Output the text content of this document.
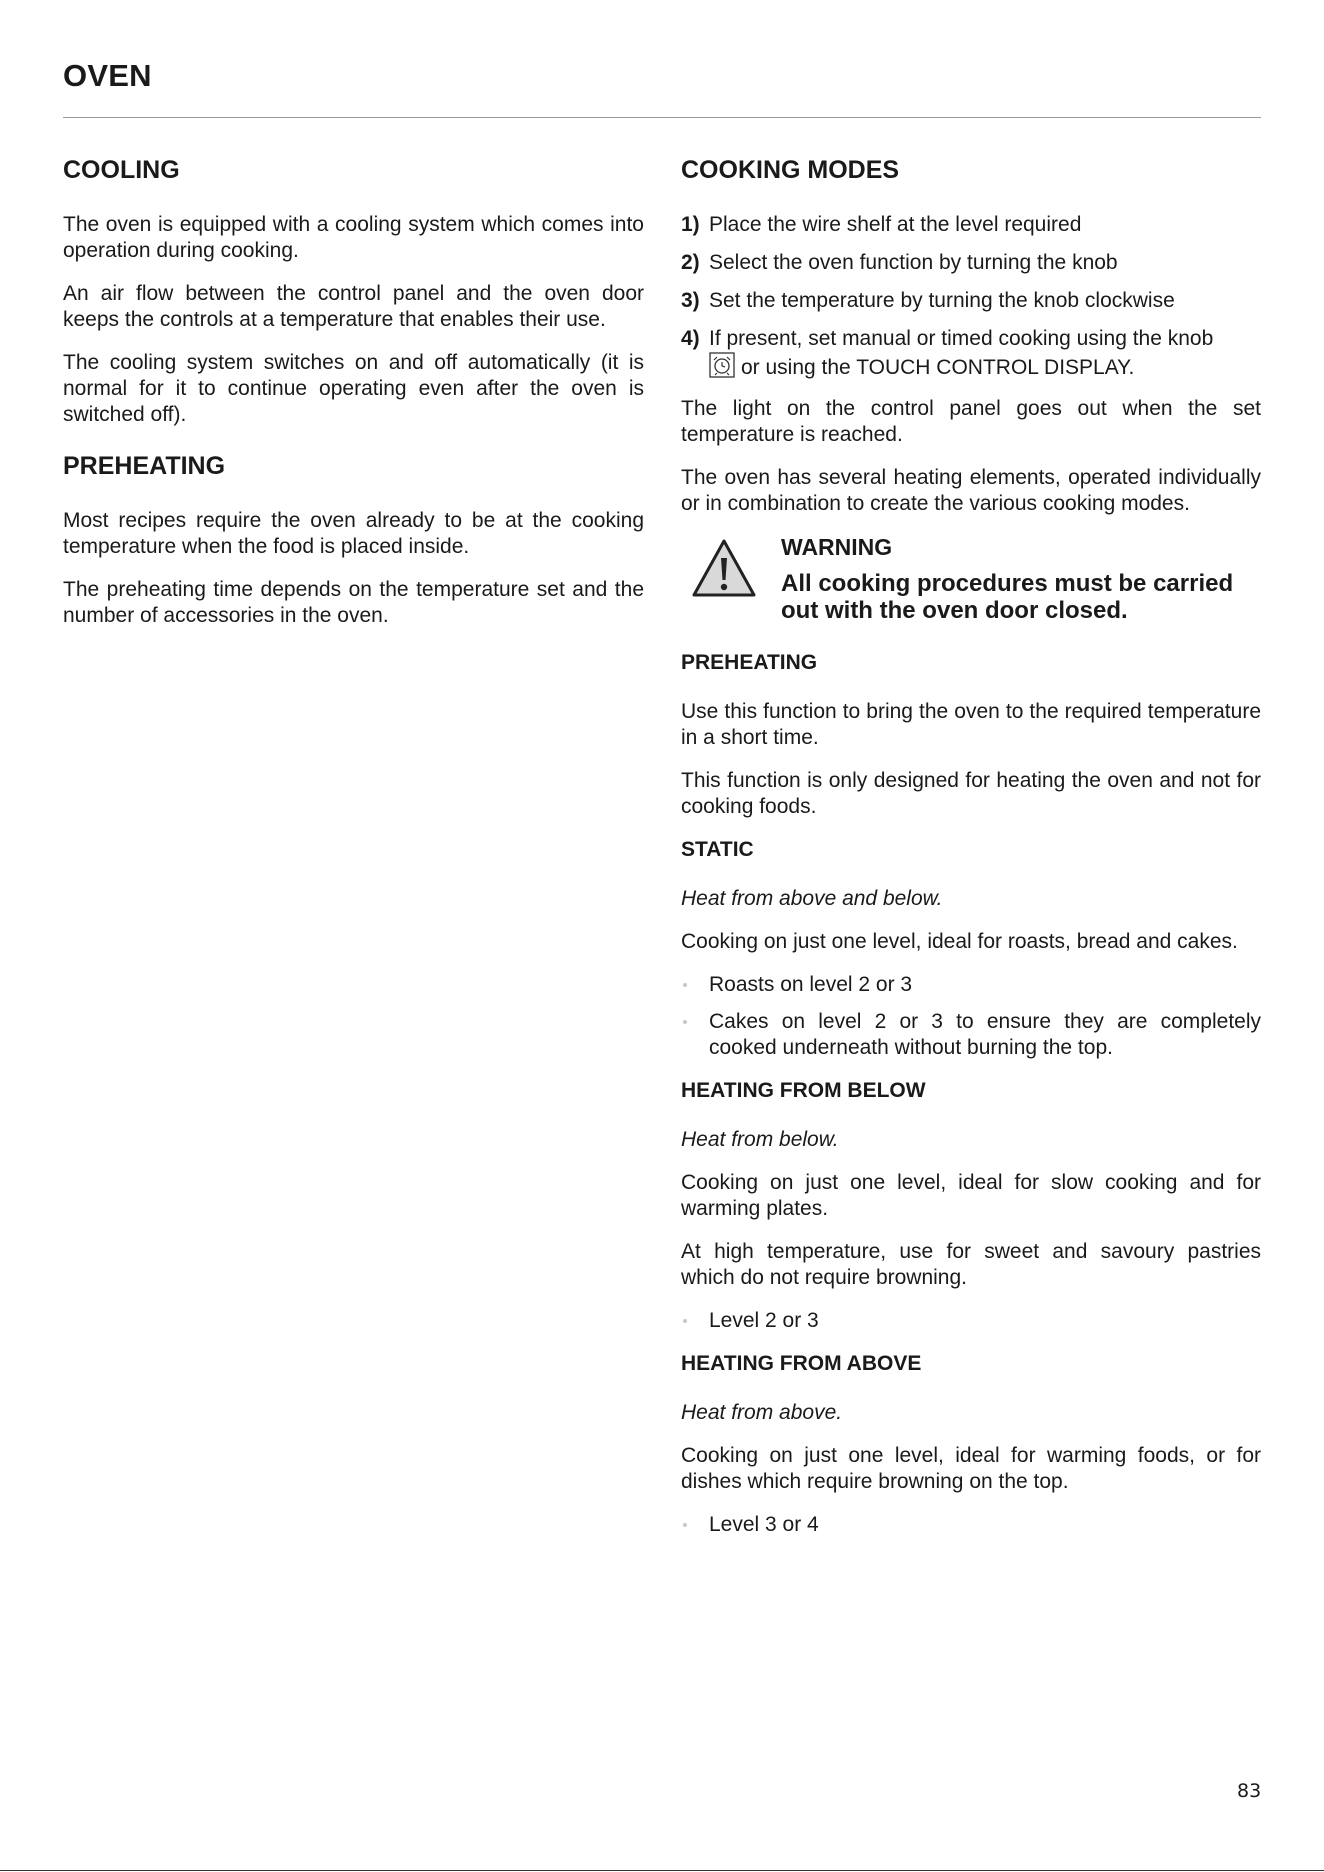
OVEN
COOLING

The oven is equipped with a cooling system which comes into operation during cooking.

An air flow between the control panel and the oven door keeps the controls at a temperature that enables their use.

The cooling system switches on and off automatically (it is normal for it to continue operating even after the oven is switched off).

PREHEATING

Most recipes require the oven already to be at the cooking temperature when the food is placed inside.

The preheating time depends on the temperature set and the number of accessories in the oven.

COOKING MODES
1) Place the wire shelf at the level required
2) Select the oven function by turning the knob
3) Set the temperature by turning the knob clockwise
4) If present, set manual or timed cooking using the knob
or using the TOUCH CONTROL DISPLAY.

The light on the control panel goes out when the set temperature is reached.

The oven has several heating elements, operated individually or in combination to create the various cooking modes.

WARNING
All cooking procedures must be carried out with the oven door closed.
PREHEATING

Use this function to bring the oven to the required temperature in a short time.

This function is only designed for heating the oven and not for cooking foods.

STATIC

Heat from above and below.

Cooking on just one level, ideal for roasts, bread and cakes.

Roasts on level 2 or 3
Cakes on level 2 or 3 to ensure they are completely cooked underneath without burning the top.
HEATING FROM BELOW

Heat from below.

Cooking on just one level, ideal for slow cooking and for warming plates.

At high temperature, use for sweet and savoury pastries which do not require browning.

Level 2 or 3
HEATING FROM ABOVE

Heat from above.

Cooking on just one level, ideal for warming foods, or for dishes which require browning on the top.

Level 3 or 4
83
